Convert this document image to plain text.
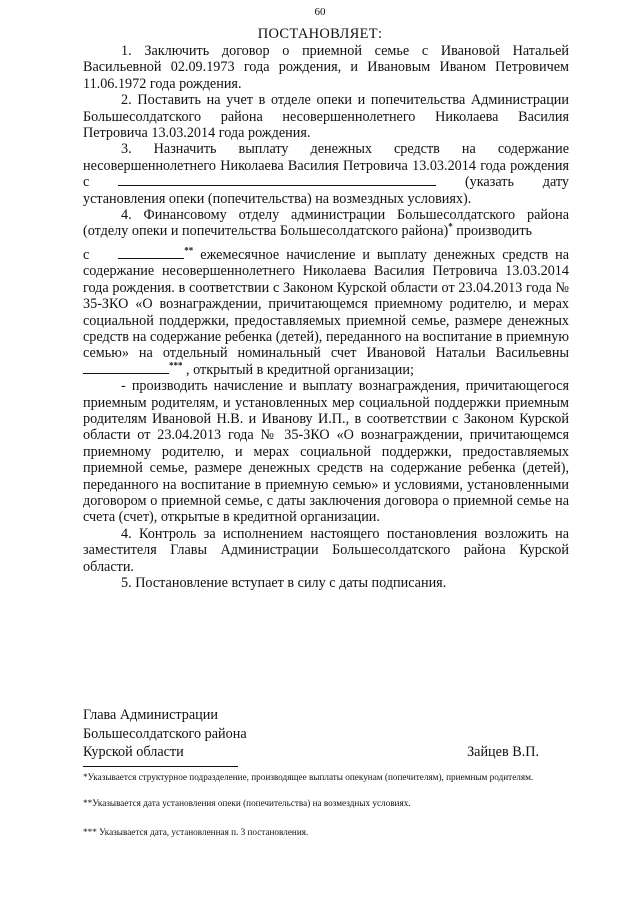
60
ПОСТАНОВЛЯЕТ:

1. Заключить договор о приемной семье с Ивановой Натальей Васильевной 02.09.1973 года рождения, и Ивановым Иваном Петровичем 11.06.1972 года рождения.

2. Поставить на учет в отделе опеки и попечительства Администрации Большесолдатского района несовершеннолетнего Николаева Василия Петровича 13.03.2014 года рождения.

3. Назначить выплату денежных средств на содержание несовершеннолетнего Николаева Василия Петровича 13.03.2014 года рождения с	(указать дату установления опеки (попечительства) на возмездных условиях).

4. Финансовому отделу администрации Большесолдатского района (отделу опеки и попечительства Большесолдатского района)* производить

с	** ежемесячное начисление и выплату денежных средств на содержание несовершеннолетнего Николаева Василия Петровича 13.03.2014 года рождения. в соответствии с Законом Курской области от 23.04.2013 года № 35-ЗКО «О вознаграждении, причитающемся приемному родителю, и мерах социальной поддержки, предоставляемых приемной семье, размере денежных средств на содержание ребенка (детей), переданного на воспитание в приемную семью» на отдельный номинальный счет Ивановой Натальи Васильевны *** , открытый в кредитной организации;

- производить начисление и выплату вознаграждения, причитающегося приемным родителям, и установленных мер социальной поддержки приемным родителям Ивановой Н.В. и Иванову И.П., в соответствии с Законом Курской области от 23.04.2013 года № 35-ЗКО «О вознаграждении, причитающемся приемному родителю, и мерах социальной поддержки, предоставляемых приемной семье, размере денежных средств на содержание ребенка (детей), переданного на воспитание в приемную семью» и условиями, установленными договором о приемной семье, с даты заключения договора о приемной семье на счета (счет), открытые в кредитной организации.

4. Контроль за исполнением настоящего постановления возложить на заместителя Главы Администрации Большесолдатского района Курской области.

5. Постановление вступает в силу с даты подписания.

Глава Администрации
Большесолдатского района
Курской области	Зайцев В.П.
*Указывается структурное подразделение, производящее выплаты опекунам (попечителям), приемным родителям.
**Указывается дата установления опеки (попечительства) на возмездных условиях.
*** Указывается дата, установленная п. 3 постановления.
